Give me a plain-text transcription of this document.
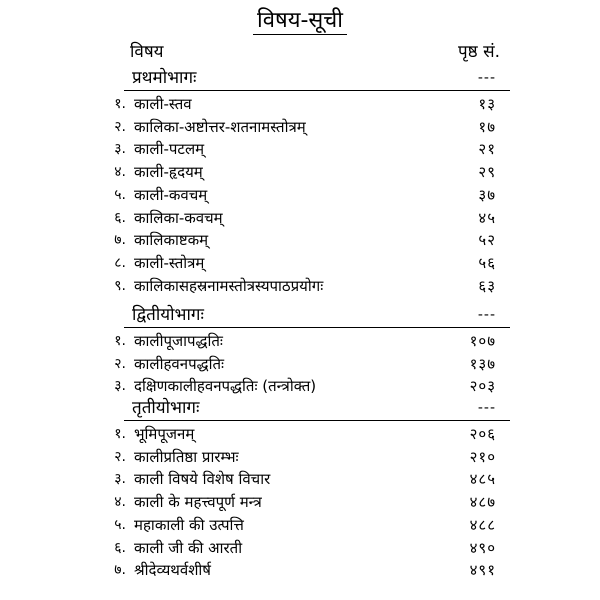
विषय-सूची
विषय	पृष्ठ सं.
प्रथमोभागः	---
१. काली-स्तव	१३
२. कालिका-अष्टोत्तर-शतनामस्तोत्रम्	१७
३. काली-पटलम्	२१
४. काली-हृदयम्	२९
५. काली-कवचम्	३७
६. कालिका-कवचम्	४५
७. कालिकाष्टकम्	५२
८. काली-स्तोत्रम्	५६
९. कालिकासहस्रनामस्तोत्रस्यपाठप्रयोगः	६३
द्वितीयोभागः	---
१. कालीपूजापद्धतिः	१०७
२. कालीहवनपद्धतिः	१३७
३. दक्षिणकालीहवनपद्धतिः (तन्त्रोक्त)	२०३
तृतीयोभागः	---
१. भूमिपूजनम्	२०६
२. कालीप्रतिष्ठा प्रारम्भः	२१०
३. काली विषये विशेष विचार	४८५
४. काली के महत्त्वपूर्ण मन्त्र	४८७
५. महाकाली की उत्पत्ति	४८८
६. काली जी की आरती	४९०
७. श्रीदेव्यथर्वशीर्ष	४९१
